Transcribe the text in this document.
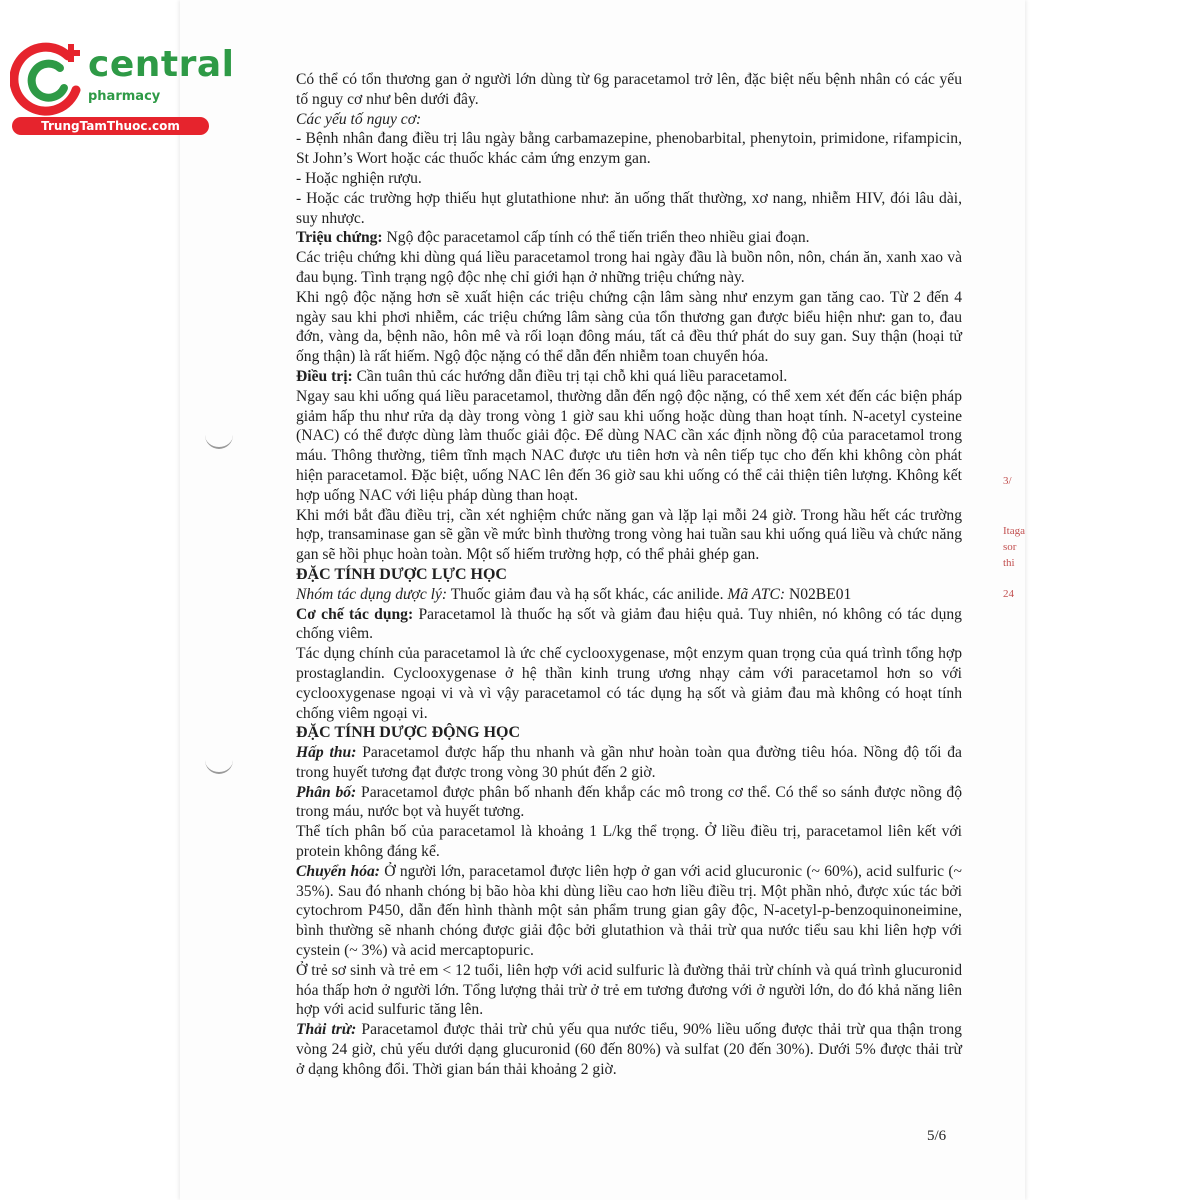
central
pharmacy
TrungTamThuoc.com
3/
Itaga
sor
thi
24

Có thể có tổn thương gan ở người lớn dùng từ 6g paracetamol trở lên, đặc biệt nếu bệnh nhân có các yếu tố nguy cơ như bên dưới đây.

Các yếu tố nguy cơ:

- Bệnh nhân đang điều trị lâu ngày bằng carbamazepine, phenobarbital, phenytoin, primidone, rifampicin, St John’s Wort hoặc các thuốc khác cảm ứng enzym gan.

- Hoặc nghiện rượu.

- Hoặc các trường hợp thiếu hụt glutathione như: ăn uống thất thường, xơ nang, nhiễm HIV, đói lâu dài, suy nhược.

Triệu chứng: Ngộ độc paracetamol cấp tính có thể tiến triển theo nhiều giai đoạn.

Các triệu chứng khi dùng quá liều paracetamol trong hai ngày đầu là buồn nôn, nôn, chán ăn, xanh xao và đau bụng. Tình trạng ngộ độc nhẹ chỉ giới hạn ở những triệu chứng này.

Khi ngộ độc nặng hơn sẽ xuất hiện các triệu chứng cận lâm sàng như enzym gan tăng cao. Từ 2 đến 4 ngày sau khi phơi nhiễm, các triệu chứng lâm sàng của tổn thương gan được biểu hiện như: gan to, đau đớn, vàng da, bệnh não, hôn mê và rối loạn đông máu, tất cả đều thứ phát do suy gan. Suy thận (hoại tử ống thận) là rất hiếm. Ngộ độc nặng có thể dẫn đến nhiễm toan chuyển hóa.

Điều trị: Cần tuân thủ các hướng dẫn điều trị tại chỗ khi quá liều paracetamol.

Ngay sau khi uống quá liều paracetamol, thường dẫn đến ngộ độc nặng, có thể xem xét đến các biện pháp giảm hấp thu như rửa dạ dày trong vòng 1 giờ sau khi uống hoặc dùng than hoạt tính. N-acetyl cysteine (NAC) có thể được dùng làm thuốc giải độc. Để dùng NAC cần xác định nồng độ của paracetamol trong máu. Thông thường, tiêm tĩnh mạch NAC được ưu tiên hơn và nên tiếp tục cho đến khi không còn phát hiện paracetamol. Đặc biệt, uống NAC lên đến 36 giờ sau khi uống có thể cải thiện tiên lượng. Không kết hợp uống NAC với liệu pháp dùng than hoạt.

Khi mới bắt đầu điều trị, cần xét nghiệm chức năng gan và lặp lại mỗi 24 giờ. Trong hầu hết các trường hợp, transaminase gan sẽ gần về mức bình thường trong vòng hai tuần sau khi uống quá liều và chức năng gan sẽ hồi phục hoàn toàn. Một số hiếm trường hợp, có thể phải ghép gan.

ĐẶC TÍNH DƯỢC LỰC HỌC

Nhóm tác dụng dược lý: Thuốc giảm đau và hạ sốt khác, các anilide. Mã ATC: N02BE01

Cơ chế tác dụng: Paracetamol là thuốc hạ sốt và giảm đau hiệu quả. Tuy nhiên, nó không có tác dụng chống viêm.

Tác dụng chính của paracetamol là ức chế cyclooxygenase, một enzym quan trọng của quá trình tổng hợp prostaglandin. Cyclooxygenase ở hệ thần kinh trung ương nhạy cảm với paracetamol hơn so với cyclooxygenase ngoại vi và vì vậy paracetamol có tác dụng hạ sốt và giảm đau mà không có hoạt tính chống viêm ngoại vi.

ĐẶC TÍNH DƯỢC ĐỘNG HỌC

Hấp thu: Paracetamol được hấp thu nhanh và gần như hoàn toàn qua đường tiêu hóa. Nồng độ tối đa trong huyết tương đạt được trong vòng 30 phút đến 2 giờ.

Phân bố: Paracetamol được phân bố nhanh đến khắp các mô trong cơ thể. Có thể so sánh được nồng độ trong máu, nước bọt và huyết tương.

Thể tích phân bố của paracetamol là khoảng 1 L/kg thể trọng. Ở liều điều trị, paracetamol liên kết với protein không đáng kể.

Chuyển hóa: Ở người lớn, paracetamol được liên hợp ở gan với acid glucuronic (~ 60%), acid sulfuric (~ 35%). Sau đó nhanh chóng bị bão hòa khi dùng liều cao hơn liều điều trị. Một phần nhỏ, được xúc tác bởi cytochrom P450, dẫn đến hình thành một sản phẩm trung gian gây độc, N-acetyl-p-benzoquinoneimine, bình thường sẽ nhanh chóng được giải độc bởi glutathion và thải trừ qua nước tiểu sau khi liên hợp với cystein (~ 3%) và acid mercaptopuric.

Ở trẻ sơ sinh và trẻ em < 12 tuổi, liên hợp với acid sulfuric là đường thải trừ chính và quá trình glucuronid hóa thấp hơn ở người lớn. Tổng lượng thải trừ ở trẻ em tương đương với ở người lớn, do đó khả năng liên hợp với acid sulfuric tăng lên.

Thải trừ: Paracetamol được thải trừ chủ yếu qua nước tiểu, 90% liều uống được thải trừ qua thận trong vòng 24 giờ, chủ yếu dưới dạng glucuronid (60 đến 80%) và sulfat (20 đến 30%). Dưới 5% được thải trừ ở dạng không đổi. Thời gian bán thải khoảng 2 giờ.

5/6
